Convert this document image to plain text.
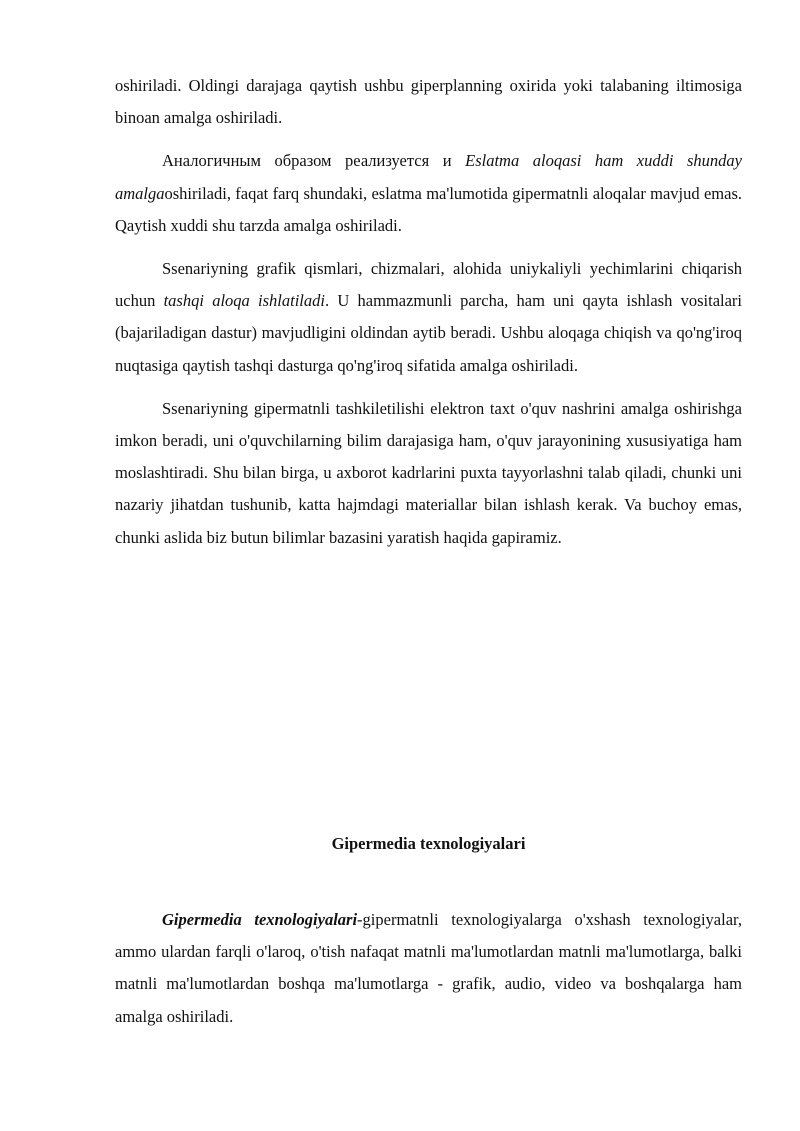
oshiriladi. Oldingi darajaga qaytish ushbu giperplanning oxirida yoki talabaning iltimosiga binoan amalga oshiriladi.

Аналогичным образом реализуется и Eslatma aloqasi ham xuddi shunday amalgaoshiriladi, faqat farq shundaki, eslatma ma'lumotida gipermatnli aloqalar mavjud emas. Qaytish xuddi shu tarzda amalga oshiriladi.

Ssenariyning grafik qismlari, chizmalari, alohida uniykaliyli yechimlarini chiqarish uchun tashqi aloqa ishlatiladi. U hammazmunli parcha, ham uni qayta ishlash vositalari (bajariladigan dastur) mavjudligini oldindan aytib beradi. Ushbu aloqaga chiqish va qo'ng'iroq nuqtasiga qaytish tashqi dasturga qo'ng'iroq sifatida amalga oshiriladi.

Ssenariyning gipermatnli tashkiletilishi elektron taxt o'quv nashrini amalga oshirishga imkon beradi, uni o'quvchilarning bilim darajasiga ham, o'quv jarayonining xususiyatiga ham moslashtiradi. Shu bilan birga, u axborot kadrlarini puxta tayyorlashni talab qiladi, chunki uni nazariy jihatdan tushunib, katta hajmdagi materiallar bilan ishlash kerak. Va buchoy emas, chunki aslida biz butun bilimlar bazasini yaratish haqida gapiramiz.

Gipermedia texnologiyalari

Gipermedia texnologiyalari-gipermatnli texnologiyalarga o'xshash texnologiyalar, ammo ulardan farqli o'laroq, o'tish nafaqat matnli ma'lumotlardan matnli ma'lumotlarga, balki matnli ma'lumotlardan boshqa ma'lumotlarga - grafik, audio, video va boshqalarga ham amalga oshiriladi.
